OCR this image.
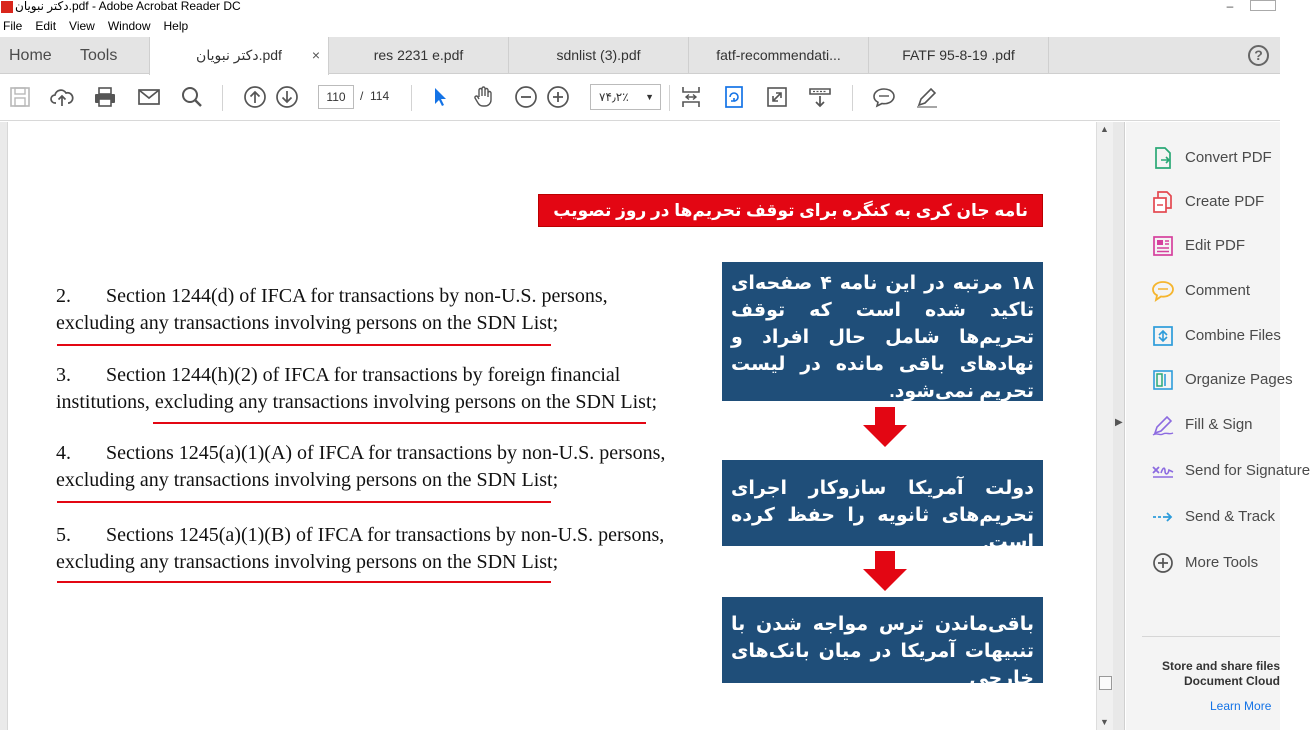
دکتر نبویان.pdf - Adobe Acrobat Reader DC	–
File Edit View Window Help
Home Tools	دکتر نبویان.pdf ×	res 2231 e.pdf	sdnlist (3).pdf	fatf-recommendati...	FATF 95-8-19 .pdf	?
110	/ 114	۷۴٫۲٪ ▼
نامه جان کری به کنگره برای توقف تحریم‌ها در روز تصویب برجام
2. Section 1244(d) of IFCA for transactions by non-U.S. persons,
excluding any transactions involving persons on the SDN List;
3. Section 1244(h)(2) of IFCA for transactions by foreign financial
institutions, excluding any transactions involving persons on the SDN List;
4. Sections 1245(a)(1)(A) of IFCA for transactions by non-U.S. persons,
excluding any transactions involving persons on the SDN List;
5. Sections 1245(a)(1)(B) of IFCA for transactions by non-U.S. persons,
excluding any transactions involving persons on the SDN List;
۱۸ مرتبه در این نامه ۴ صفحه‌ای تاکید شده است که توقف تحریم‌ها شامل حال افراد و نهادهای باقی مانده در لیست تحریم نمی‌شود.
دولت آمریکا سازوکار اجرای تحریم‌های ثانویه را حفظ کرده است.
باقی‌ماندن ترس مواجه شدن با تنبیهات آمریکا در میان بانک‌های خارجی
▲
▼
▶
Convert PDF
Create PDF
Edit PDF
Comment
Combine Files
Organize Pages
Fill & Sign
Send for Signature
Send & Track
More Tools
Store and share files
Document Cloud
Learn More
